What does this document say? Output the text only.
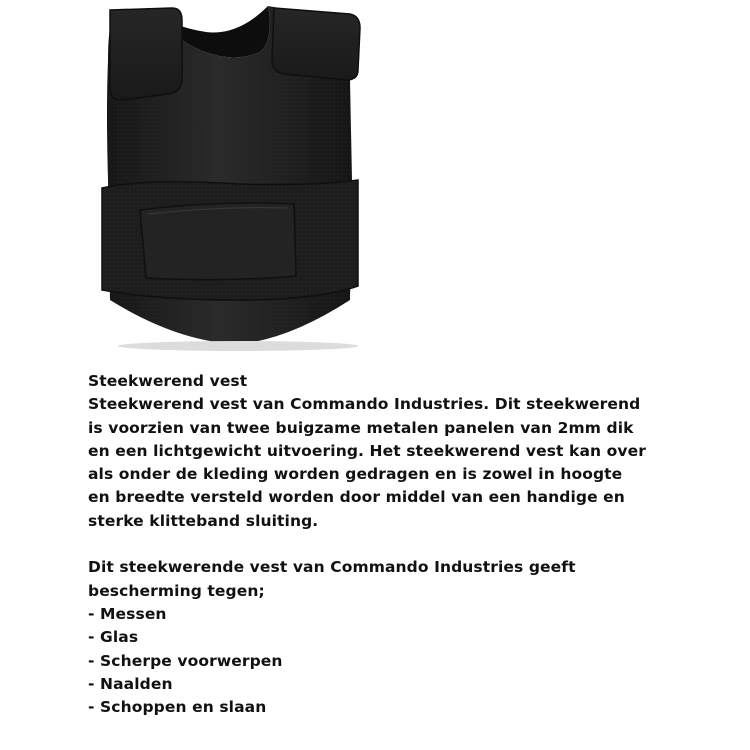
Steekwerend vest
Steekwerend vest van Commando Industries. Dit steekwerend
is voorzien van twee buigzame metalen panelen van 2mm dik
en een lichtgewicht uitvoering. Het steekwerend vest kan over
als onder de kleding worden gedragen en is zowel in hoogte
en breedte versteld worden door middel van een handige en
sterke klitteband sluiting.
Dit steekwerende vest van Commando Industries geeft
bescherming tegen;
- Messen
- Glas
- Scherpe voorwerpen
- Naalden
- Schoppen en slaan
